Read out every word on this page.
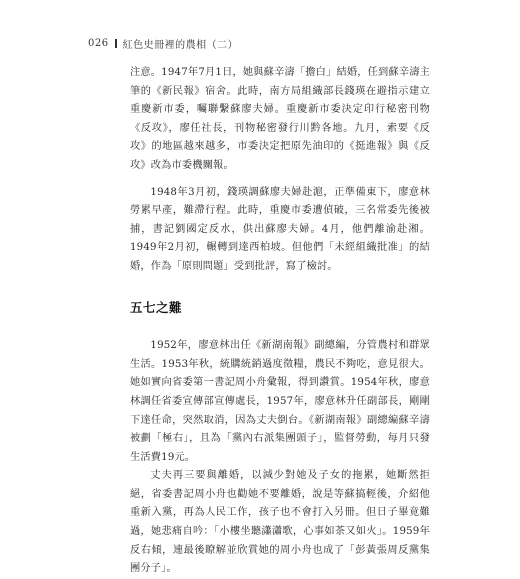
026 紅色史冊裡的農相（二）

注意。1947年7月1日，她與蘇辛濤「擔白」結婚，任到蘇辛濤主筆的《新民報》宿舍。此時，南方局組織部長錢瑛在避指示建立重慶新市委，囑聯繫蘇廖夫婦。重慶新市委決定印行秘密刊物《反攻》，廖任社長，刊物秘密發行川黔各地。九月，索要《反攻》的地區越來越多，市委決定把原先油印的《挺進報》與《反攻》改為市委機關報。

1948年3月初，錢瑛調蘇廖夫婦赴滬，正準備東下，廖意林勞累早產，難滯行程。此時，重慶市委遭偵破，三名常委先後被捕，書記劉國定反水，供出蘇廖夫婦。4月，他們離渝赴湘。1949年2月初，輾轉到達西柏坡。但他們「未經組織批准」的結婚，作為「原則問題」受到批評，寫了檢討。

五七之難

1952年，廖意林出任《新湖南報》副總編，分管農村和群眾生活。1953年秋，統購統銷過度徵糧，農民不夠吃，意見很大。她如實向省委第一書記周小舟彙報，得到讚賞。1954年秋，廖意林調任省委宣傳部宣傳處長，1957年，廖意林升任副部長，剛剛下達任命，突然取消，因為丈夫倒台。《新湖南報》副總編蘇辛濤被劃「極右」，且為「黨內右派集團頭子」，監督勞動，每月只發生活費19元。

丈夫再三要與離婚，以減少對她及子女的拖累，她斷然拒絕，省委書記周小舟也勸她不要離婚，說是等蘇搞輕後，介紹他重新入黨，再為人民工作，孩子也不會打入另冊。但日子畢竟難過，她悲痛自吟：「小樓坐聽瀟瀟歌，心事如茶又如火」。1959年反右傾，連最後瞭解並欣賞她的周小舟也成了「彭黃張周反黨集團分子」。
